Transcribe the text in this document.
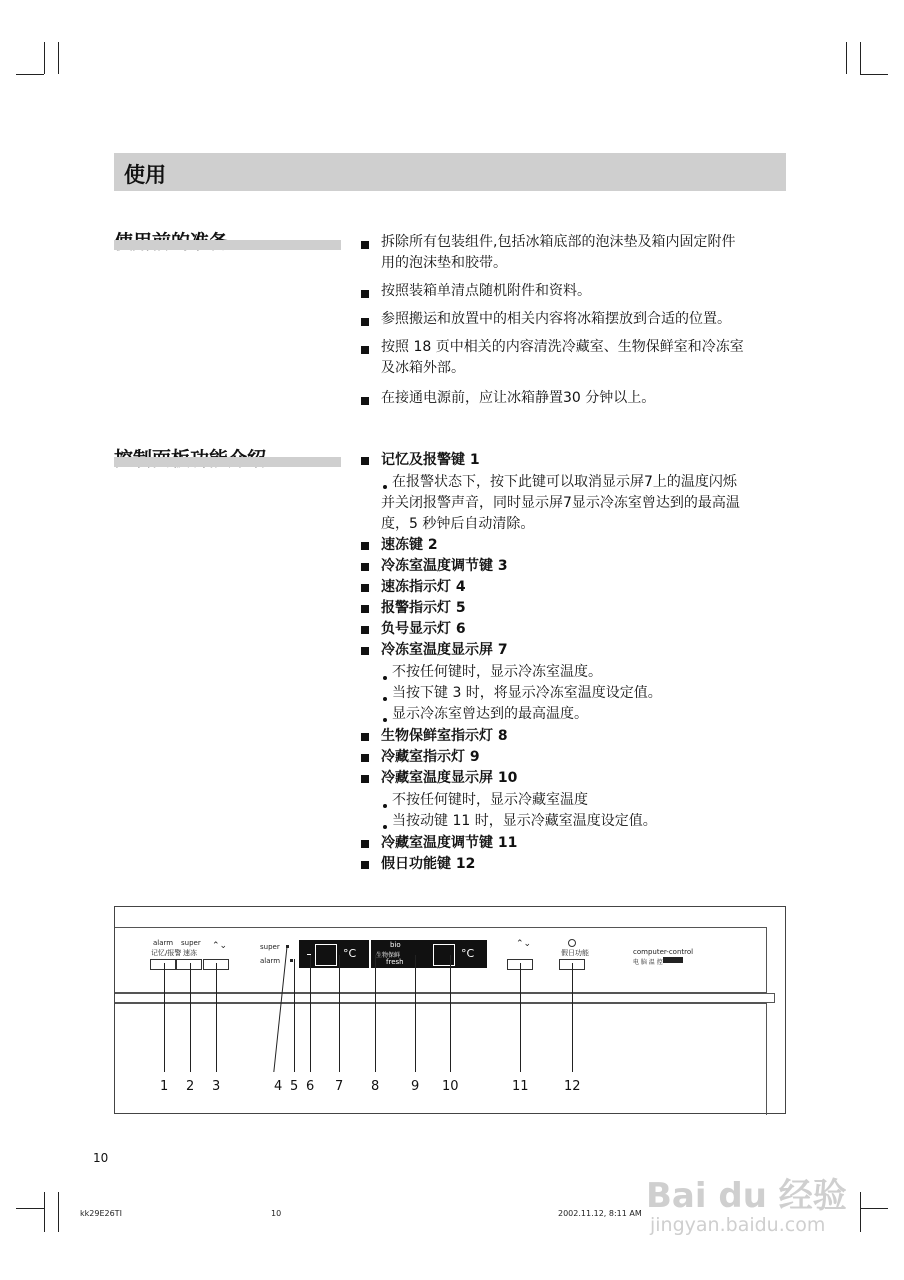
使用
拆除所有包装组件,包括冰箱底部的泡沫垫及箱内固定附件
用的泡沫垫和胶带。
按照装箱单清点随机附件和资料。
参照搬运和放置中的相关内容将冰箱摆放到合适的位置。
按照 18 页中相关的内容清洗冷藏室、生物保鲜室和冷冻室
及冰箱外部。
在接通电源前，应让冰箱静置30 分钟以上。
记忆及报警键 1
在报警状态下，按下此键可以取消显示屏7上的温度闪烁
并关闭报警声音，同时显示屏7显示冷冻室曾达到的最高温
度，5 秒钟后自动清除。
速冻键 2
冷冻室温度调节键 3
速冻指示灯 4
报警指示灯 5
负号显示灯 6
冷冻室温度显示屏 7
不按任何键时，显示冷冻室温度。
当按下键 3 时，将显示冷冻室温度设定值。
显示冷冻室曾达到的最高温度。
生物保鲜室指示灯 8
冷藏室指示灯 9
冷藏室温度显示屏 10
不按任何键时，显示冷藏室温度
当按动键 11 时，显示冷藏室温度设定值。
冷藏室温度调节键 11
假日功能键 12
alarm
记忆/报警
super
速冻
⌃⌄	super
alarm
°C
bio
生物保鲜
fresh
°C
⌃⌄
假日功能	computer-control
电 脑 温 控
1 2 3	4 5 6 7 8 9 10	11	12
10
kk29E26TI	10	2002.11.12, 8:11 AM Bai du 经验
jingyan.baidu.com
